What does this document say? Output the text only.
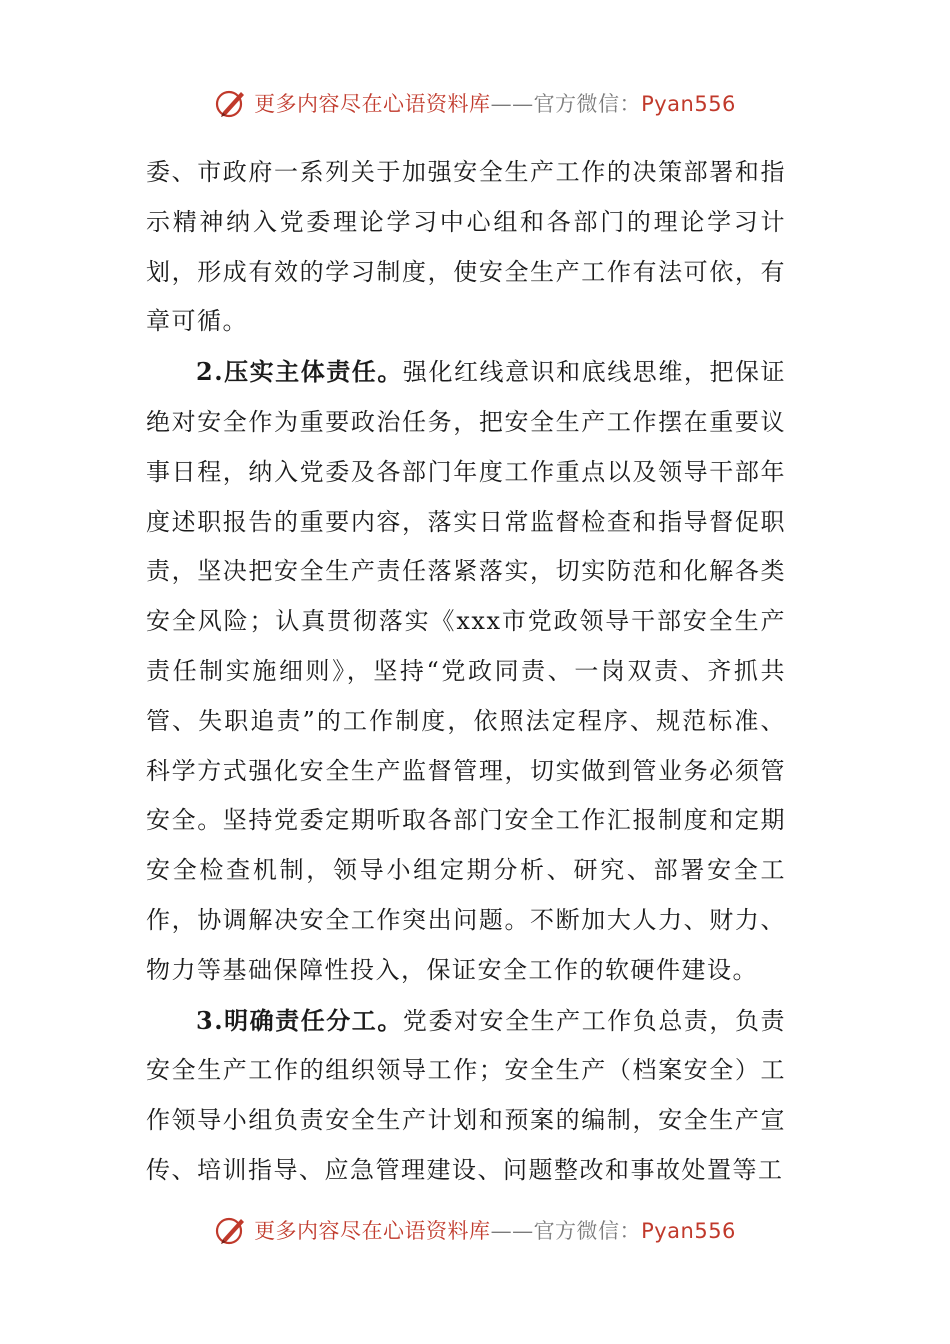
更多内容尽在心语资料库——官方微信：Pyan556

委、市政府一系列关于加强安全生产工作的决策部署和指示精神纳入党委理论学习中心组和各部门的理论学习计划，形成有效的学习制度，使安全生产工作有法可依，有章可循。

2.压实主体责任。强化红线意识和底线思维，把保证绝对安全作为重要政治任务，把安全生产工作摆在重要议事日程，纳入党委及各部门年度工作重点以及领导干部年度述职报告的重要内容，落实日常监督检查和指导督促职责，坚决把安全生产责任落紧落实，切实防范和化解各类安全风险；认真贯彻落实《xxx市党政领导干部安全生产责任制实施细则》，坚持“党政同责、一岗双责、齐抓共管、失职追责”的工作制度，依照法定程序、规范标准、科学方式强化安全生产监督管理，切实做到管业务必须管安全。坚持党委定期听取各部门安全工作汇报制度和定期安全检查机制，领导小组定期分析、研究、部署安全工作，协调解决安全工作突出问题。不断加大人力、财力、物力等基础保障性投入，保证安全工作的软硬件建设。

3.明确责任分工。党委对安全生产工作负总责，负责安全生产工作的组织领导工作；安全生产（档案安全）工作领导小组负责安全生产计划和预案的编制，安全生产宣传、培训指导、应急管理建设、问题整改和事故处置等工

更多内容尽在心语资料库——官方微信：Pyan556
